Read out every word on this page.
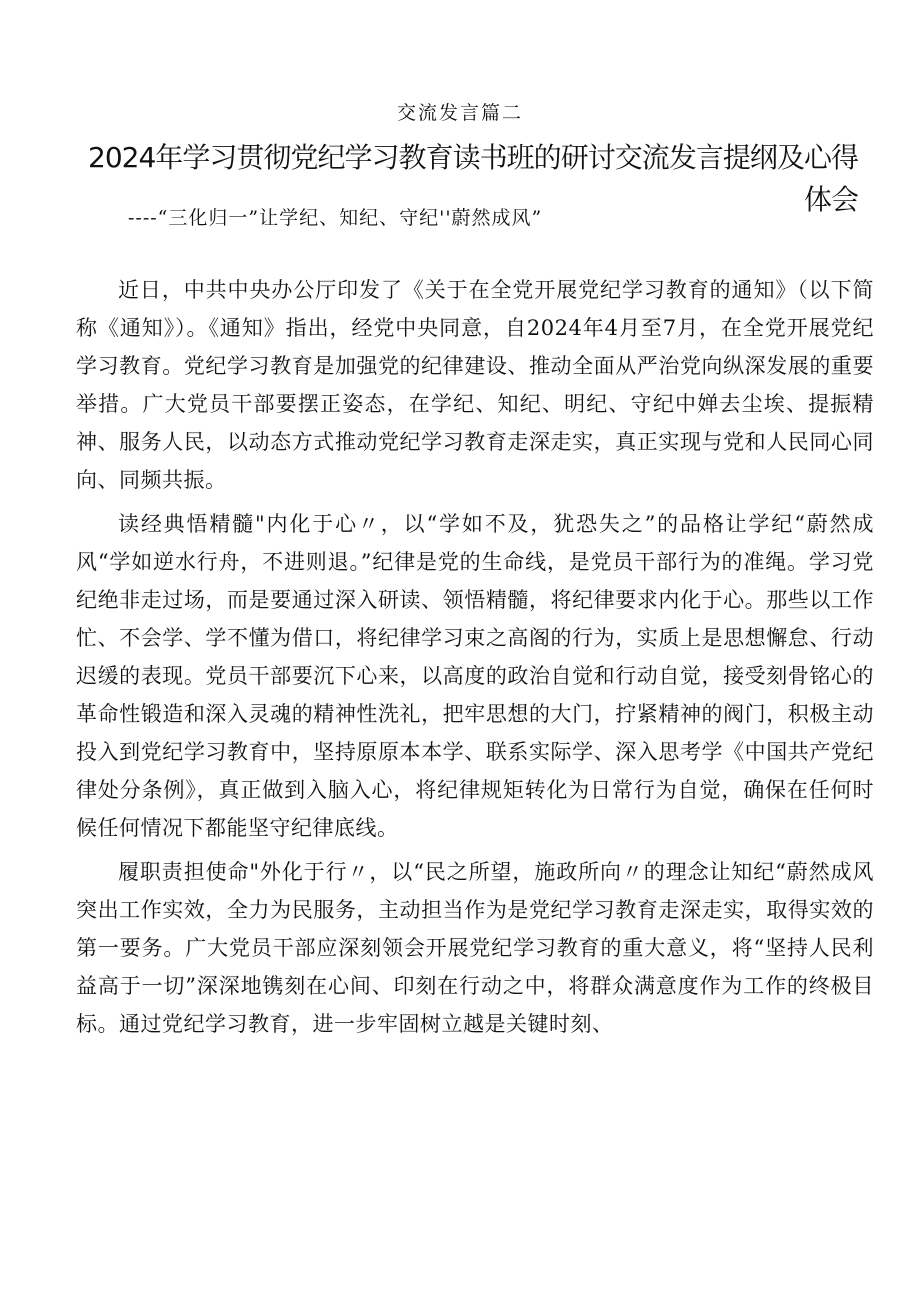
交流发言篇二
2024年学习贯彻党纪学习教育读书班的研讨交流发言提纲及心得体会
----“三化归一”让学纪、知纪、守纪''蔚然成风”

近日，中共中央办公厅印发了《关于在全党开展党纪学习教育的通知》（以下简称《通知》）。《通知》指出，经党中央同意，自2024年4月至7月，在全党开展党纪学习教育。党纪学习教育是加强党的纪律建设、推动全面从严治党向纵深发展的重要举措。广大党员干部要摆正姿态，在学纪、知纪、明纪、守纪中婵去尘埃、提振精神、服务人民，以动态方式推动党纪学习教育走深走实，真正实现与党和人民同心同向、同频共振。

读经典悟精髓"内化于心〃，以“学如不及，犹恐失之”的品格让学纪“蔚然成风“学如逆水行舟，不进则退。”纪律是党的生命线，是党员干部行为的准绳。学习党纪绝非走过场，而是要通过深入研读、领悟精髓，将纪律要求内化于心。那些以工作忙、不会学、学不懂为借口，将纪律学习束之高阁的行为，实质上是思想懈怠、行动迟缓的表现。党员干部要沉下心来，以高度的政治自觉和行动自觉，接受刻骨铭心的革命性锻造和深入灵魂的精神性洗礼，把牢思想的大门，拧紧精神的阀门，积极主动投入到党纪学习教育中，坚持原原本本学、联系实际学、深入思考学《中国共产党纪律处分条例》，真正做到入脑入心，将纪律规矩转化为日常行为自觉，确保在任何时候任何情况下都能坚守纪律底线。

履职责担使命"外化于行〃，以“民之所望，施政所向〃的理念让知纪“蔚然成风突出工作实效，全力为民服务，主动担当作为是党纪学习教育走深走实，取得实效的第一要务。广大党员干部应深刻领会开展党纪学习教育的重大意义，将“坚持人民利益高于一切”深深地镌刻在心间、印刻在行动之中，将群众满意度作为工作的终极目标。通过党纪学习教育，进一步牢固树立越是关键时刻、
